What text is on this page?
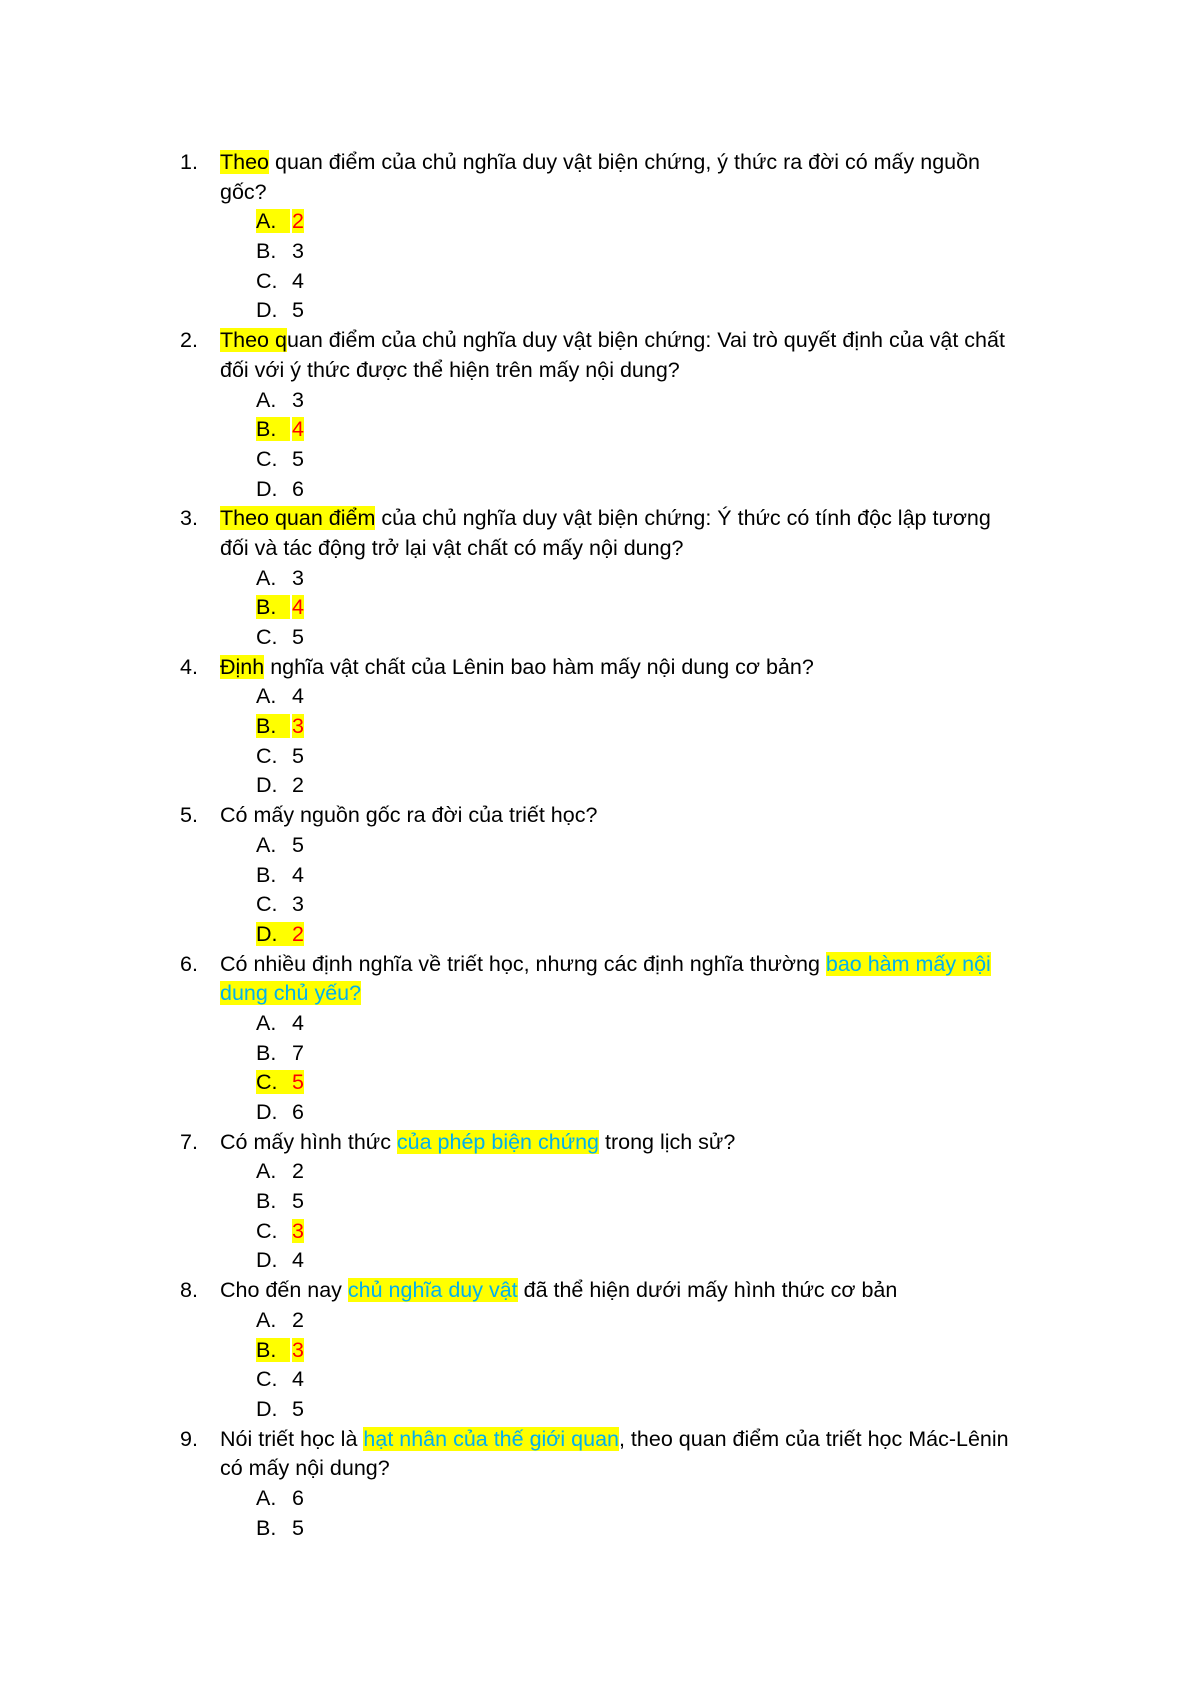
1. Theo quan điểm của chủ nghĩa duy vật biện chứng, ý thức ra đời có mấy nguồn
gốc?
A. 2
B. 3
C. 4
D. 5
2. Theo quan điểm của chủ nghĩa duy vật biện chứng: Vai trò quyết định của vật chất
đối với ý thức được thể hiện trên mấy nội dung?
A. 3
B. 4
C. 5
D. 6
3. Theo quan điểm của chủ nghĩa duy vật biện chứng: Ý thức có tính độc lập tương
đối và tác động trở lại vật chất có mấy nội dung?
A. 3
B. 4
C. 5
4. Định nghĩa vật chất của Lênin bao hàm mấy nội dung cơ bản?
A. 4
B. 3
C. 5
D. 2
5. Có mấy nguồn gốc ra đời của triết học?
A. 5
B. 4
C. 3
D. 2
6. Có nhiều định nghĩa về triết học, nhưng các định nghĩa thường bao hàm mấy nội
dung chủ yếu?
A. 4
B. 7
C. 5
D. 6
7. Có mấy hình thức của phép biện chứng trong lịch sử?
A. 2
B. 5
C. 3
D. 4
8. Cho đến nay chủ nghĩa duy vật đã thể hiện dưới mấy hình thức cơ bản
A. 2
B. 3
C. 4
D. 5
9. Nói triết học là hạt nhân của thế giới quan, theo quan điểm của triết học Mác-Lênin
có mấy nội dung?
A. 6
B. 5
